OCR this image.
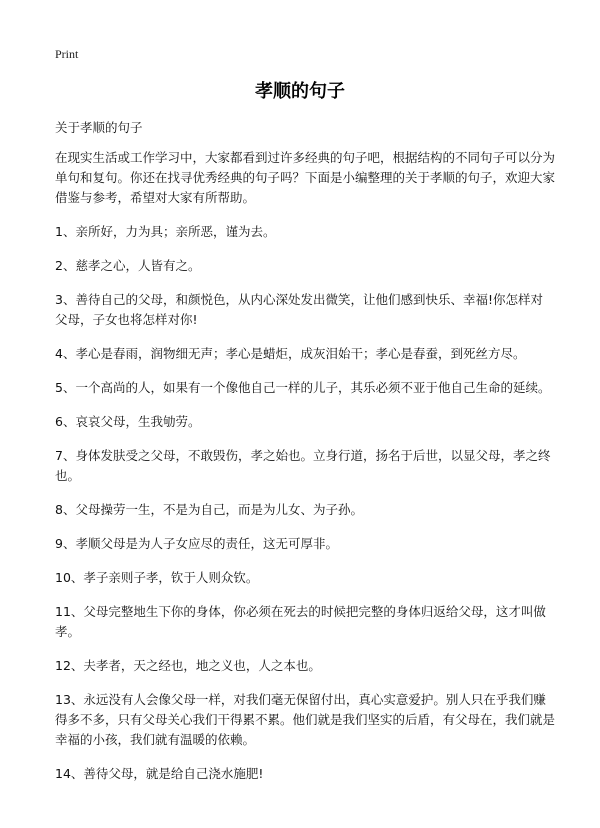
Print
孝顺的句子
关于孝顺的句子
在现实生活或工作学习中，大家都看到过许多经典的句子吧，根据结构的不同句子可以分为单句和复句。你还在找寻优秀经典的句子吗？下面是小编整理的关于孝顺的句子，欢迎大家借鉴与参考，希望对大家有所帮助。
1、亲所好，力为具；亲所恶，谨为去。
2、慈孝之心，人皆有之。
3、善待自己的父母，和颜悦色，从内心深处发出微笑，让他们感到快乐、幸福!你怎样对父母，子女也将怎样对你!
4、孝心是春雨，润物细无声；孝心是蜡炬，成灰泪始干；孝心是春蚕，到死丝方尽。
5、一个高尚的人，如果有一个像他自己一样的儿子，其乐必须不亚于他自己生命的延续。
6、哀哀父母，生我劬劳。
7、身体发肤受之父母，不敢毁伤，孝之始也。立身行道，扬名于后世，以显父母，孝之终也。
8、父母操劳一生，不是为自己，而是为儿女、为子孙。
9、孝顺父母是为人子女应尽的责任，这无可厚非。
10、孝子亲则子孝，钦于人则众钦。
11、父母完整地生下你的身体，你必须在死去的时候把完整的身体归返给父母，这才叫做孝。
12、夫孝者，天之经也，地之义也，人之本也。
13、永远没有人会像父母一样，对我们毫无保留付出，真心实意爱护。别人只在乎我们赚得多不多，只有父母关心我们干得累不累。他们就是我们坚实的后盾，有父母在，我们就是幸福的小孩，我们就有温暖的依赖。
14、善待父母，就是给自己浇水施肥!
